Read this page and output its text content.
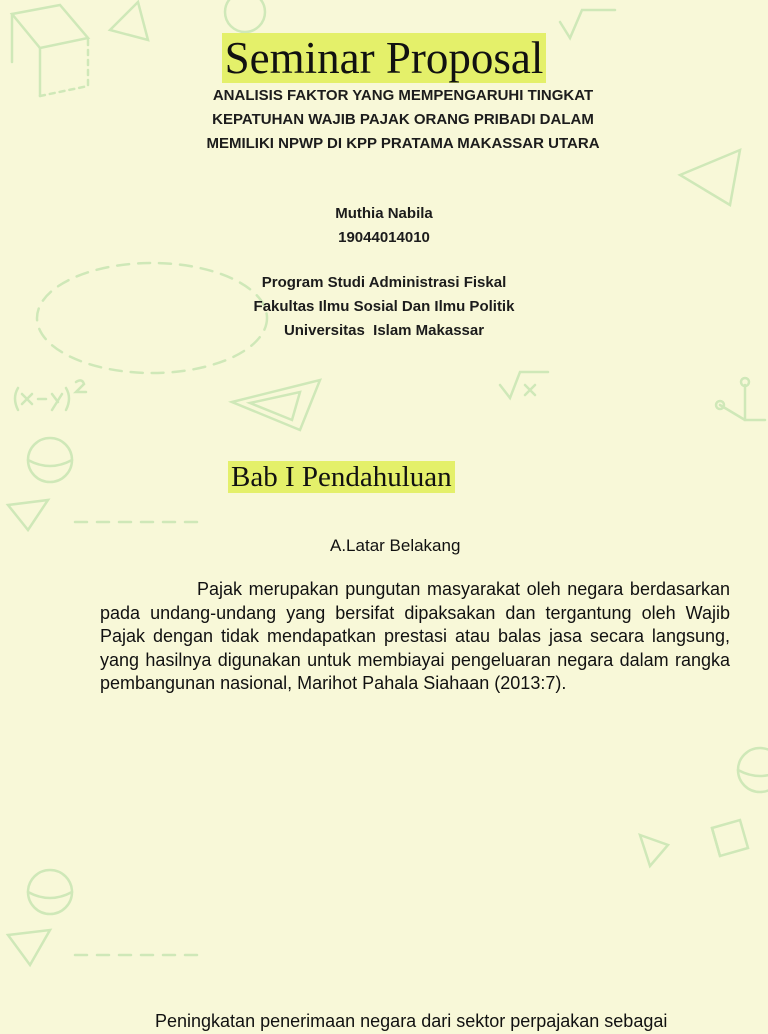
Seminar Proposal
ANALISIS FAKTOR YANG MEMPENGARUHI TINGKAT KEPATUHAN WAJIB PAJAK ORANG PRIBADI DALAM MEMILIKI NPWP DI KPP PRATAMA MAKASSAR UTARA
Muthia Nabila
19044014010
Program Studi Administrasi Fiskal
Fakultas Ilmu Sosial Dan Ilmu Politik
Universitas  Islam Makassar
Bab I Pendahuluan
A.Latar Belakang
Pajak merupakan pungutan masyarakat oleh negara berdasarkan pada undang-undang yang bersifat dipaksakan dan tergantung oleh Wajib Pajak dengan tidak mendapatkan prestasi atau balas jasa secara langsung, yang hasilnya digunakan untuk membiayai pengeluaran negara dalam rangka pembangunan nasional, Marihot Pahala Siahaan (2013:7).
Peningkatan penerimaan negara dari sektor perpajakan sebagai
